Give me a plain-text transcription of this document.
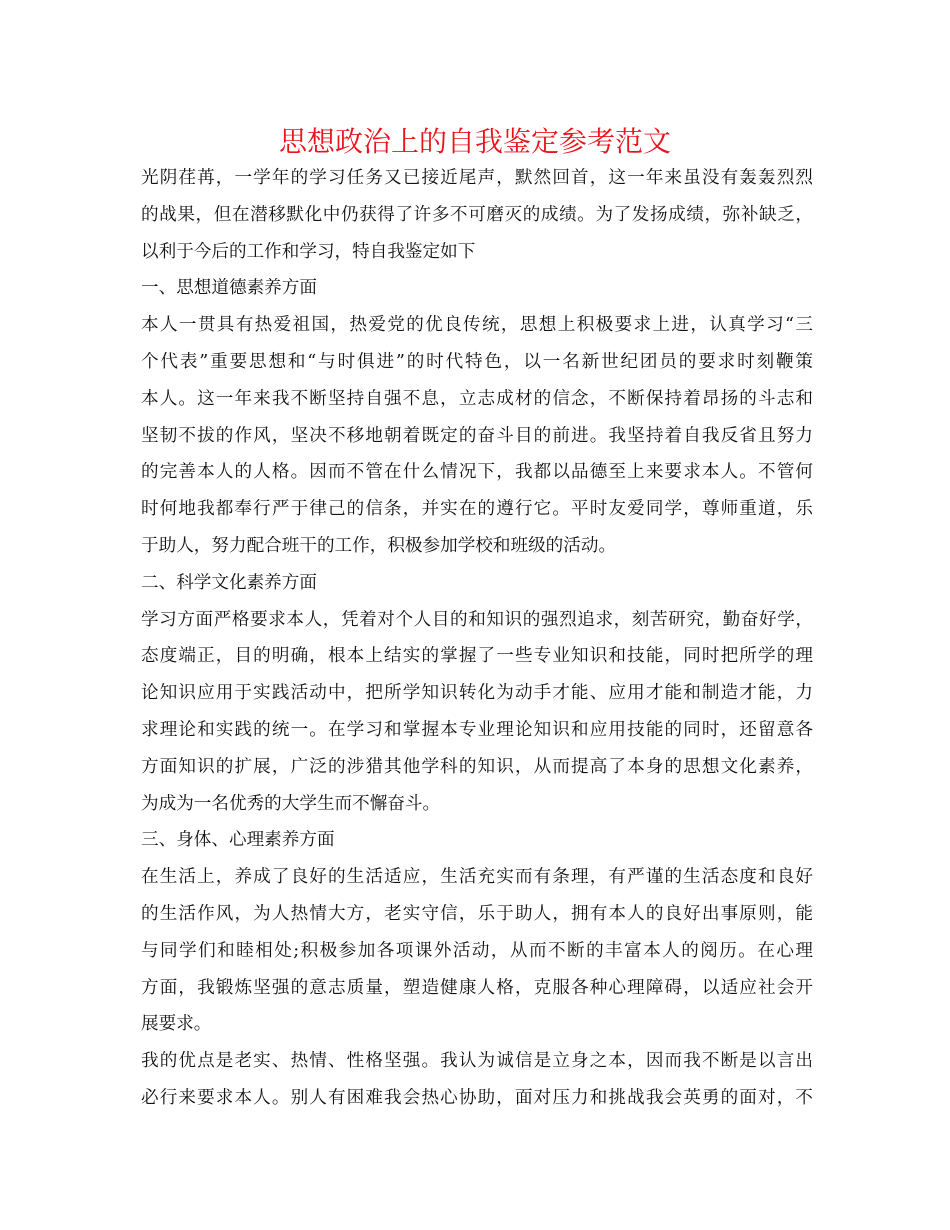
思想政治上的自我鉴定参考范文
光阴荏苒，一学年的学习任务又已接近尾声，默然回首，这一年来虽没有轰轰烈烈
的战果，但在潜移默化中仍获得了许多不可磨灭的成绩。为了发扬成绩，弥补缺乏，
以利于今后的工作和学习，特自我鉴定如下
一、思想道德素养方面
本人一贯具有热爱祖国，热爱党的优良传统，思想上积极要求上进，认真学习“三
个代表”重要思想和“与时俱进”的时代特色，以一名新世纪团员的要求时刻鞭策
本人。这一年来我不断坚持自强不息，立志成材的信念，不断保持着昂扬的斗志和
坚韧不拔的作风，坚决不移地朝着既定的奋斗目的前进。我坚持着自我反省且努力
的完善本人的人格。因而不管在什么情况下，我都以品德至上来要求本人。不管何
时何地我都奉行严于律己的信条，并实在的遵行它。平时友爱同学，尊师重道，乐
于助人，努力配合班干的工作，积极参加学校和班级的活动。
二、科学文化素养方面
学习方面严格要求本人，凭着对个人目的和知识的强烈追求，刻苦研究，勤奋好学，
态度端正，目的明确，根本上结实的掌握了一些专业知识和技能，同时把所学的理
论知识应用于实践活动中，把所学知识转化为动手才能、应用才能和制造才能，力
求理论和实践的统一。在学习和掌握本专业理论知识和应用技能的同时，还留意各
方面知识的扩展，广泛的涉猎其他学科的知识，从而提高了本身的思想文化素养，
为成为一名优秀的大学生而不懈奋斗。
三、身体、心理素养方面
在生活上，养成了良好的生活适应，生活充实而有条理，有严谨的生活态度和良好
的生活作风，为人热情大方，老实守信，乐于助人，拥有本人的良好出事原则，能
与同学们和睦相处;积极参加各项课外活动，从而不断的丰富本人的阅历。在心理
方面，我锻炼坚强的意志质量，塑造健康人格，克服各种心理障碍，以适应社会开
展要求。
我的优点是老实、热情、性格坚强。我认为诚信是立身之本，因而我不断是以言出
必行来要求本人。别人有困难我会热心协助，面对压力和挑战我会英勇的面对，不
